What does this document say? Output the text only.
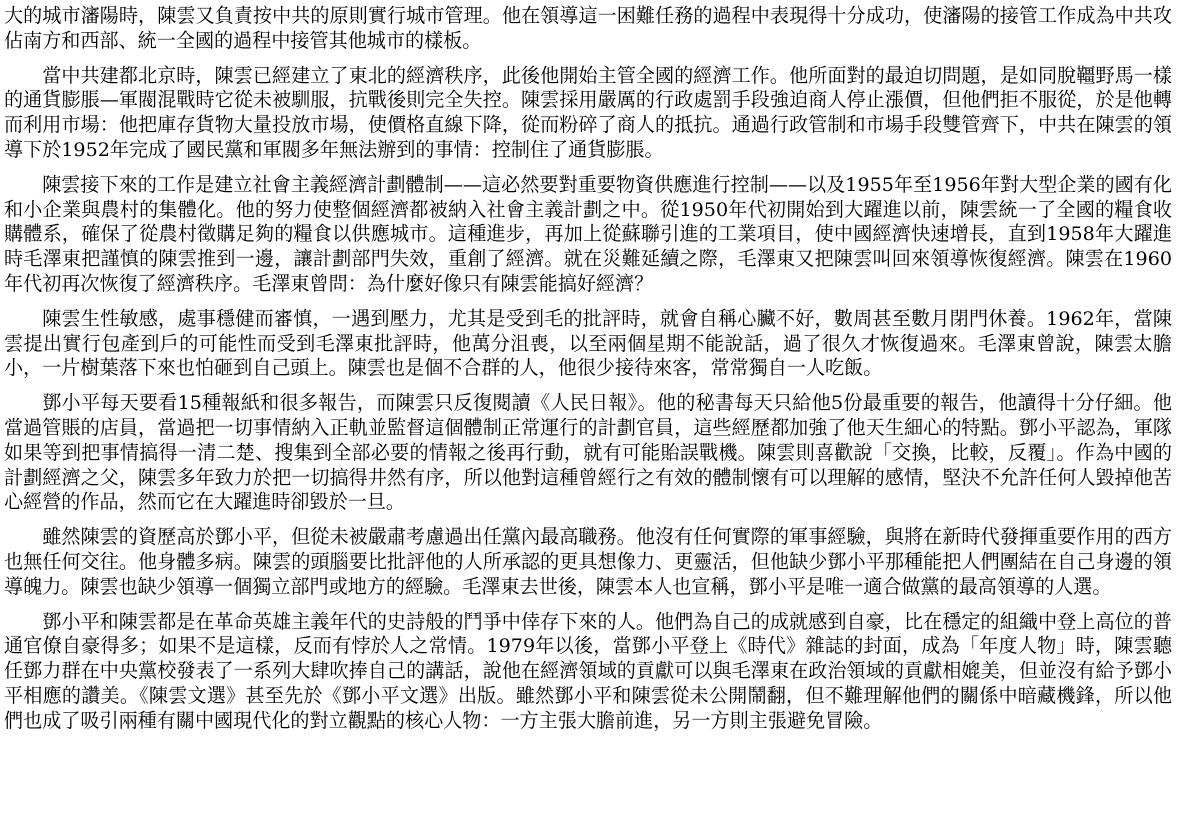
大的城市瀋陽時，陳雲又負責按中共的原則實行城市管理。他在領導這一困難任務的過程中表現得十分成功，使瀋陽的接管工作成為中共攻佔南方和西部、統一全國的過程中接管其他城市的樣板。

當中共建都北京時，陳雲已經建立了東北的經濟秩序，此後他開始主管全國的經濟工作。他所面對的最迫切問題，是如同脫韁野馬一樣的通貨膨脹—軍閥混戰時它從未被馴服，抗戰後則完全失控。陳雲採用嚴厲的行政處罰手段強迫商人停止漲價，但他們拒不服從，於是他轉而利用市場：他把庫存貨物大量投放市場，使價格直線下降，從而粉碎了商人的抵抗。通過行政管制和市場手段雙管齊下，中共在陳雲的領導下於1952年完成了國民黨和軍閥多年無法辦到的事情：控制住了通貨膨脹。

陳雲接下來的工作是建立社會主義經濟計劃體制——這必然要對重要物資供應進行控制——以及1955年至1956年對大型企業的國有化和小企業與農村的集體化。他的努力使整個經濟都被納入社會主義計劃之中。從1950年代初開始到大躍進以前，陳雲統一了全國的糧食收購體系，確保了從農村徵購足夠的糧食以供應城市。這種進步，再加上從蘇聯引進的工業項目，使中國經濟快速增長，直到1958年大躍進時毛澤東把謹慎的陳雲推到一邊，讓計劃部門失效，重創了經濟。就在災難延續之際，毛澤東又把陳雲叫回來領導恢復經濟。陳雲在1960年代初再次恢復了經濟秩序。毛澤東曾問：為什麼好像只有陳雲能搞好經濟？

陳雲生性敏感，處事穩健而審慎，一遇到壓力，尤其是受到毛的批評時，就會自稱心臟不好，數周甚至數月閉門休養。1962年，當陳雲提出實行包產到戶的可能性而受到毛澤東批評時，他萬分沮喪，以至兩個星期不能說話，過了很久才恢復過來。毛澤東曾說，陳雲太膽小，一片樹葉落下來也怕砸到自己頭上。陳雲也是個不合群的人，他很少接待來客，常常獨自一人吃飯。

鄧小平每天要看15種報紙和很多報告，而陳雲只反復閱讀《人民日報》。他的秘書每天只給他5份最重要的報告，他讀得十分仔細。他當過管賬的店員，當過把一切事情納入正軌並監督這個體制正常運行的計劃官員，這些經歷都加強了他天生細心的特點。鄧小平認為，軍隊如果等到把事情搞得一清二楚、搜集到全部必要的情報之後再行動，就有可能貽誤戰機。陳雲則喜歡說「交換，比較，反覆」。作為中國的計劃經濟之父，陳雲多年致力於把一切搞得井然有序，所以他對這種曾經行之有效的體制懷有可以理解的感情，堅決不允許任何人毀掉他苦心經營的作品，然而它在大躍進時卻毀於一旦。

雖然陳雲的資歷高於鄧小平，但從未被嚴肅考慮過出任黨內最高職務。他沒有任何實際的軍事經驗，與將在新時代發揮重要作用的西方也無任何交往。他身體多病。陳雲的頭腦要比批評他的人所承認的更具想像力、更靈活，但他缺少鄧小平那種能把人們團結在自己身邊的領導魄力。陳雲也缺少領導一個獨立部門或地方的經驗。毛澤東去世後，陳雲本人也宣稱，鄧小平是唯一適合做黨的最高領導的人選。

鄧小平和陳雲都是在革命英雄主義年代的史詩般的鬥爭中倖存下來的人。他們為自己的成就感到自豪，比在穩定的組織中登上高位的普通官僚自豪得多；如果不是這樣，反而有悖於人之常情。1979年以後，當鄧小平登上《時代》雜誌的封面，成為「年度人物」時，陳雲聽任鄧力群在中央黨校發表了一系列大肆吹捧自己的講話，說他在經濟領域的貢獻可以與毛澤東在政治領域的貢獻相媲美，但並沒有給予鄧小平相應的讚美。《陳雲文選》甚至先於《鄧小平文選》出版。雖然鄧小平和陳雲從未公開鬧翻，但不難理解他們的關係中暗藏機鋒，所以他們也成了吸引兩種有關中國現代化的對立觀點的核心人物：一方主張大膽前進，另一方則主張避免冒險。
